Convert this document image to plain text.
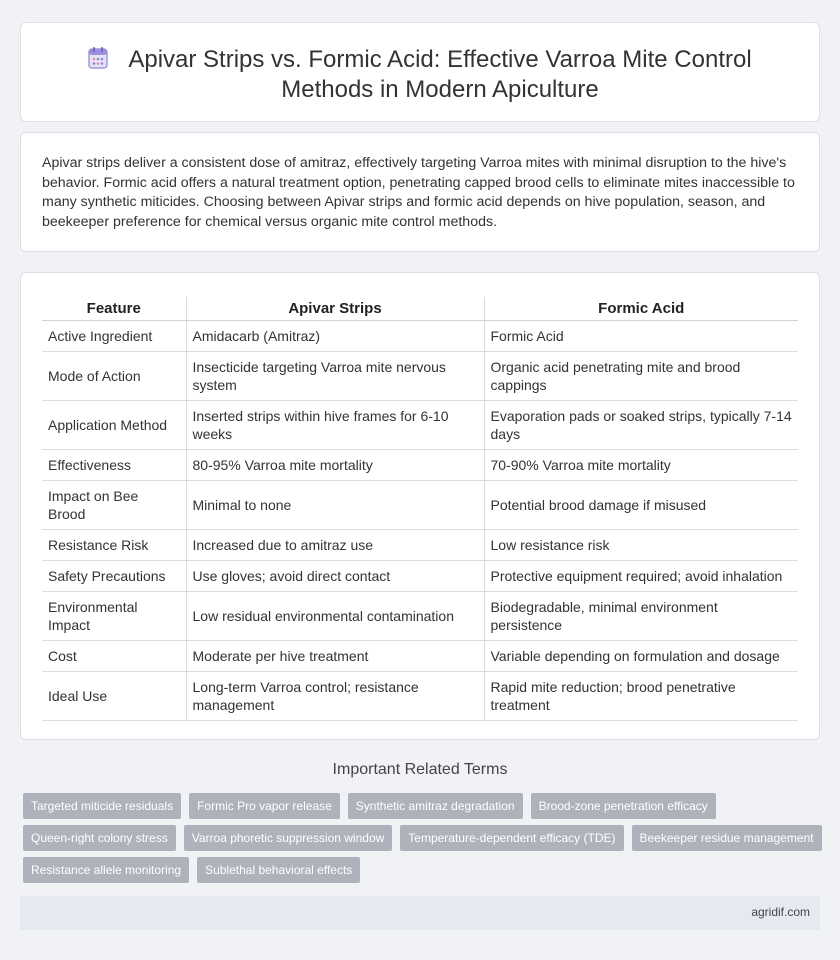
Apivar Strips vs. Formic Acid: Effective Varroa Mite Control Methods in Modern Apiculture

Apivar strips deliver a consistent dose of amitraz, effectively targeting Varroa mites with minimal disruption to the hive's behavior. Formic acid offers a natural treatment option, penetrating capped brood cells to eliminate mites inaccessible to many synthetic miticides. Choosing between Apivar strips and formic acid depends on hive population, season, and beekeeper preference for chemical versus organic mite control methods.

Feature	Apivar Strips	Formic Acid
Active Ingredient	Amidacarb (Amitraz)	Formic Acid
Mode of Action	Insecticide targeting Varroa mite nervous system	Organic acid penetrating mite and brood cappings
Application Method	Inserted strips within hive frames for 6-10 weeks	Evaporation pads or soaked strips, typically 7-14 days
Effectiveness	80-95% Varroa mite mortality	70-90% Varroa mite mortality
Impact on Bee Brood	Minimal to none	Potential brood damage if misused
Resistance Risk	Increased due to amitraz use	Low resistance risk
Safety Precautions	Use gloves; avoid direct contact	Protective equipment required; avoid inhalation
Environmental Impact	Low residual environmental contamination	Biodegradable, minimal environment persistence
Cost	Moderate per hive treatment	Variable depending on formulation and dosage
Ideal Use	Long-term Varroa control; resistance management	Rapid mite reduction; brood penetrative treatment
Important Related Terms
Targeted miticide residuals	Formic Pro vapor release	Synthetic amitraz degradation	Brood-zone penetration efficacy
Queen-right colony stress	Varroa phoretic suppression window	Temperature-dependent efficacy (TDE)	Beekeeper residue management
Resistance allele monitoring	Sublethal behavioral effects
agridif.com
